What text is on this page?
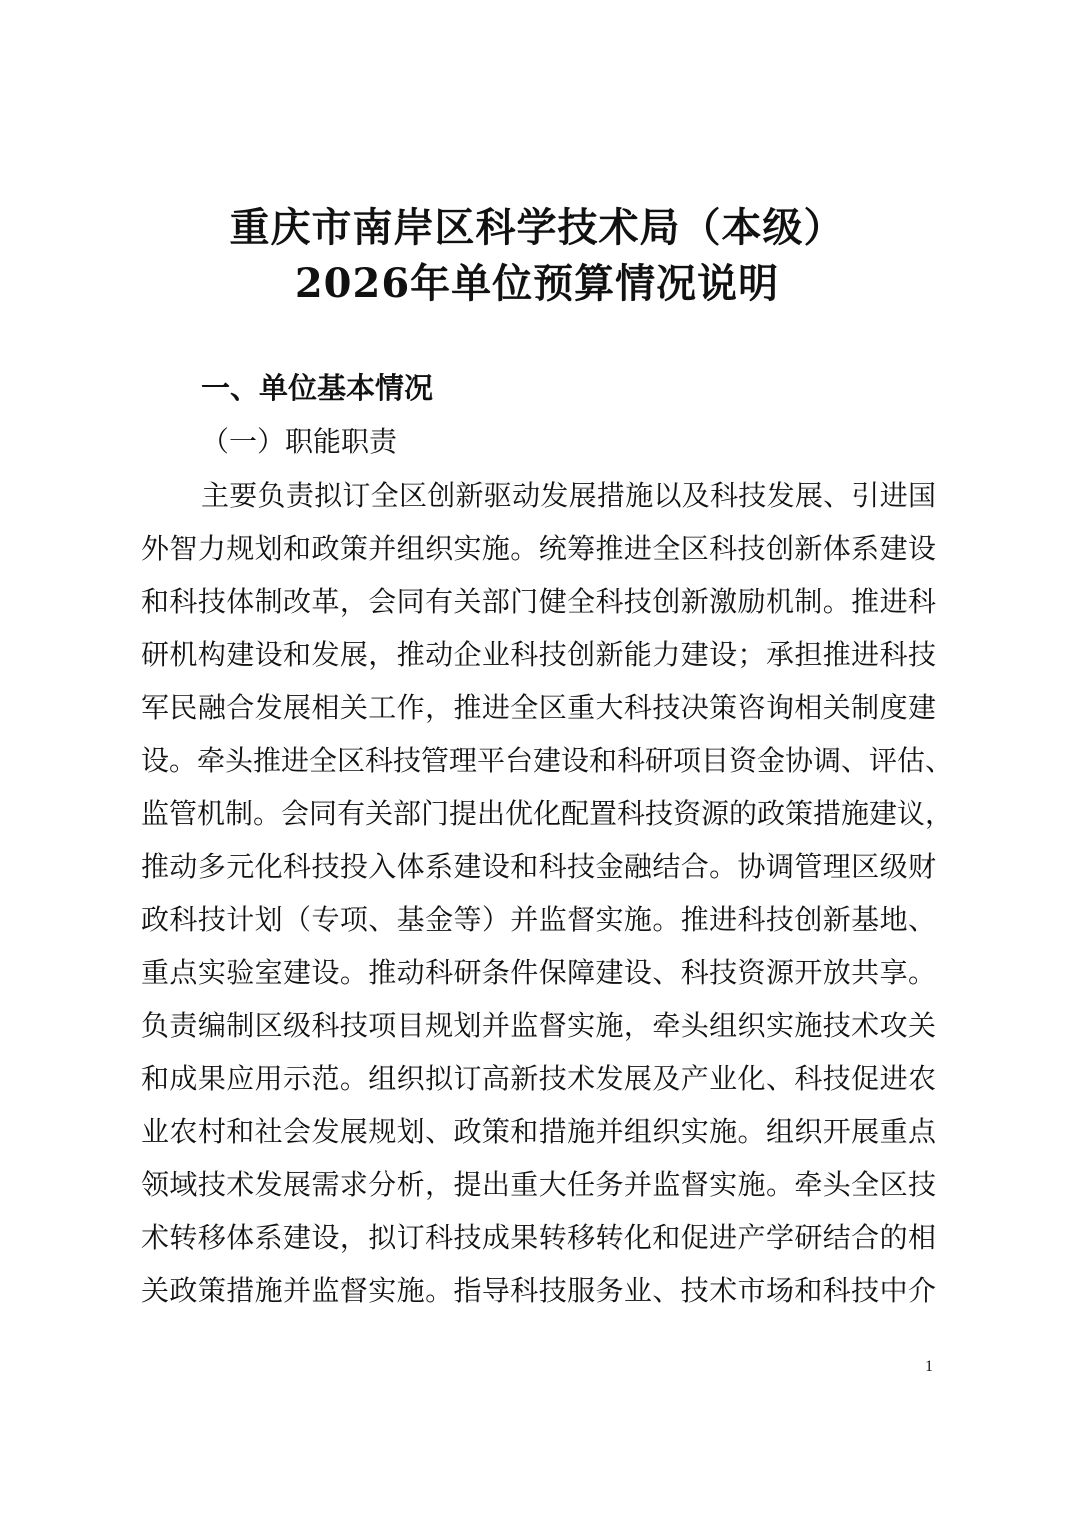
重庆市南岸区科学技术局（本级）
2026年单位预算情况说明
一、单位基本情况
（一）职能职责
主要负责拟订全区创新驱动发展措施以及科技发展、引进国
外智力规划和政策并组织实施。统筹推进全区科技创新体系建设
和科技体制改革，会同有关部门健全科技创新激励机制。推进科
研机构建设和发展，推动企业科技创新能力建设；承担推进科技
军民融合发展相关工作，推进全区重大科技决策咨询相关制度建
设。牵头推进全区科技管理平台建设和科研项目资金协调、评估、
监管机制。会同有关部门提出优化配置科技资源的政策措施建议，
推动多元化科技投入体系建设和科技金融结合。协调管理区级财
政科技计划（专项、基金等）并监督实施。推进科技创新基地、
重点实验室建设。推动科研条件保障建设、科技资源开放共享。
负责编制区级科技项目规划并监督实施，牵头组织实施技术攻关
和成果应用示范。组织拟订高新技术发展及产业化、科技促进农
业农村和社会发展规划、政策和措施并组织实施。组织开展重点
领域技术发展需求分析，提出重大任务并监督实施。牵头全区技
术转移体系建设，拟订科技成果转移转化和促进产学研结合的相
关政策措施并监督实施。指导科技服务业、技术市场和科技中介
1
